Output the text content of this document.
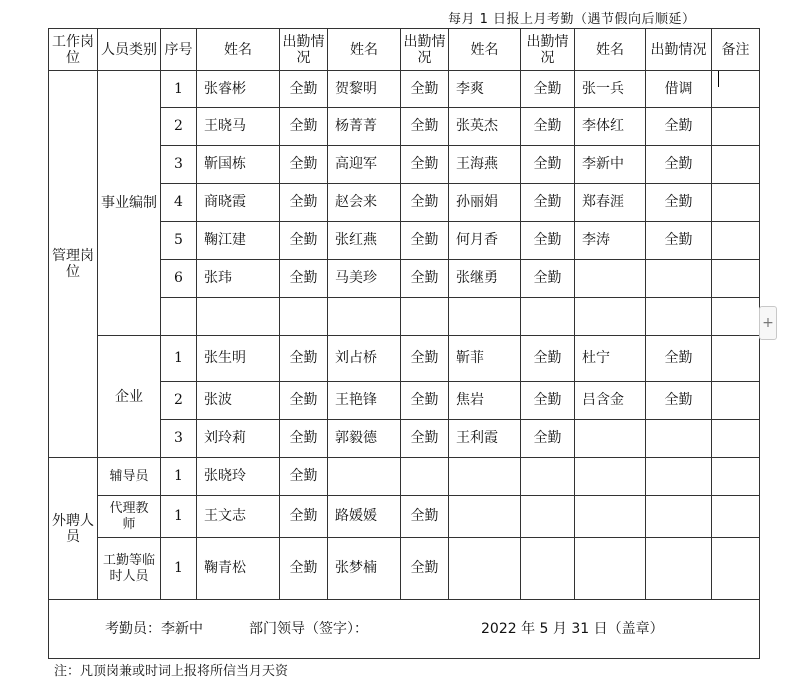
每月 1 日报上月考勤（遇节假向后顺延）
工作岗位	人员类别	序号	姓名	出勤情况	姓名	出勤情况	姓名	出勤情况	姓名	出勤情况	备注
管理岗位	事业编制	1	张睿彬	全勤	贺黎明	全勤	李爽	全勤	张一兵	借调	
		2	王晓马	全勤	杨菁菁	全勤	张英杰	全勤	李体红	全勤	
		3	靳国栋	全勤	高迎军	全勤	王海燕	全勤	李新中	全勤	
		4	商晓霞	全勤	赵会来	全勤	孙丽娟	全勤	郑春涯	全勤	
		5	鞠江建	全勤	张红燕	全勤	何月香	全勤	李涛	全勤	
		6	张玮	全勤	马美珍	全勤	张继勇	全勤			

	企业	1	张生明	全勤	刘占桥	全勤	靳菲	全勤	杜宁	全勤	
		2	张波	全勤	王艳锋	全勤	焦岩	全勤	吕含金	全勤	
		3	刘玲莉	全勤	郭毅德	全勤	王利霞	全勤			
外聘人员	辅导员	1	张晓玲	全勤							
	代理教师	1	王文志	全勤	路媛媛	全勤					
	工勤等临时人员	1	鞠青松	全勤	张梦楠	全勤					

考勤员：李新中 部门领导（签字）： 2022 年 5 月 31 日（盖章）											
注：凡顶岗兼或时词上报将所信当月天资
+
